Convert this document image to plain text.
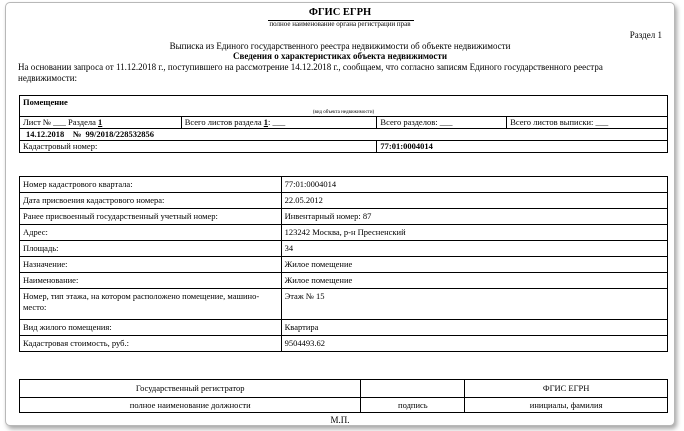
ФГИС ЕГРН
полное наименование органа регистрации прав
Раздел 1
Выписка из Единого государственного реестра недвижимости об объекте недвижимости
Сведения о характеристиках объекта недвижимости
На основании запроса от 11.12.2018 г., поступившего на рассмотрение 14.12.2018 г., сообщаем, что согласно записям Единого государственного реестра недвижимости:
Помещение			
(вид объекта недвижимости)			
Лист № ___ Раздела 1	Всего листов раздела 1: ___	Всего разделов: ___	Всего листов выписки: ___
14.12.2018 № 99/2018/228532856			
Кадастровый номер:		77:01:0004014	
Номер кадастрового квартала:	77:01:0004014
Дата присвоения кадастрового номера:	22.05.2012
Ранее присвоенный государственный учетный номер:	Инвентарный номер: 87
Адрес:	123242 Москва, р-н Пресненский
Площадь:	34
Назначение:	Жилое помещение
Наименование:	Жилое помещение
Номер, тип этажа, на котором расположено помещение, машино-место:	Этаж № 15
Вид жилого помещения:	Квартира
Кадастровая стоимость, руб.:	9504493.62
Государственный регистратор		ФГИС ЕГРН
полное наименование должности	подпись	инициалы, фамилия
М.П.
